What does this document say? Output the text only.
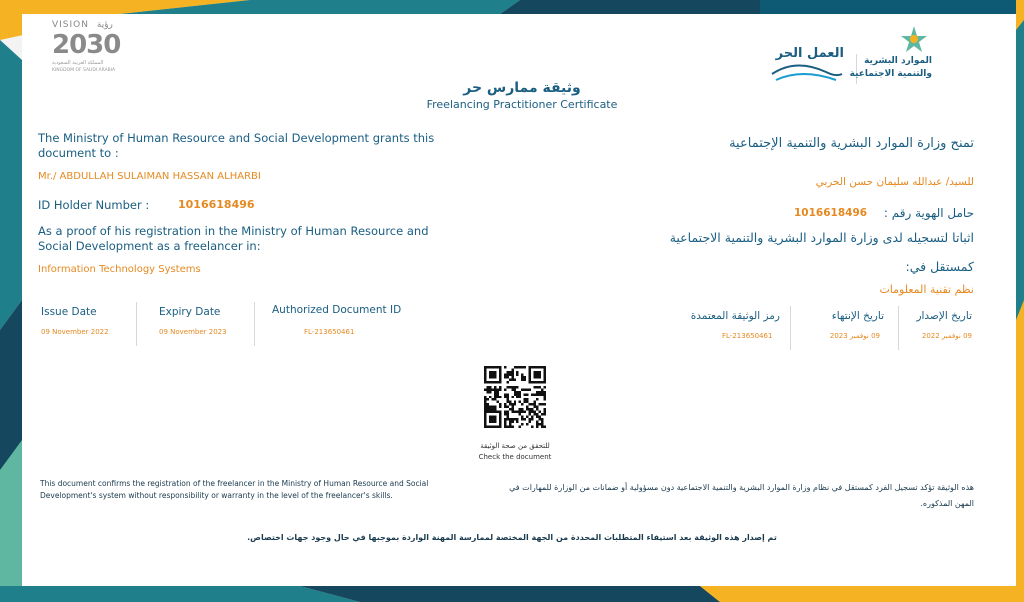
VISION رؤية
2030
المملكة العربية السعودية
KINGDOM OF SAUDI ARABIA
العمل الحر الموارد البشرية
والتنمية الاجتماعية
وثيقة ممارس حر
Freelancing Practitioner Certificate
The Ministry of Human Resource and Social Development grants this document to :
Mr./ ABDULLAH SULAIMAN HASSAN ALHARBI
ID Holder Number :	1016618496
As a proof of his registration in the Ministry of Human Resource and Social Development as a freelancer in:
Information Technology Systems
Issue Date
09 November 2022
Expiry Date
09 November 2023
Authorized Document ID
FL-213650461
تمنح وزارة الموارد البشرية والتنمية الإجتماعية
للسيد/ عبدالله سليمان حسن الحربي
حامل الهوية رقم :
1016618496
اثباتا لتسجيله لدى وزارة الموارد البشرية والتنمية الاجتماعية
كمستقل في:
نظم تقنية المعلومات
تاريخ الإصدار
09 نوفمبر 2022
تاريخ الإنتهاء
09 نوفمبر 2023
رمز الوثيقة المعتمدة
FL-213650461
للتحقق من صحة الوثيقة
Check the document
This document confirms the registration of the freelancer in the Ministry of Human Resource and Social Development's system without responsibility or warranty in the level of the freelancer's skills.
هذه الوثيقة تؤكد تسجيل الفرد كمستقل في نظام وزارة الموارد البشرية والتنمية الاجتماعية دون مسؤولية أو ضمانات من الوزارة للمهارات في المهن المذكوره.
تم إصدار هذه الوثيقة بعد استيفاء المتطلبات المحددة من الجهة المختصة لممارسة المهنة الواردة بموجبها في حال وجود جهات اختصاص.
